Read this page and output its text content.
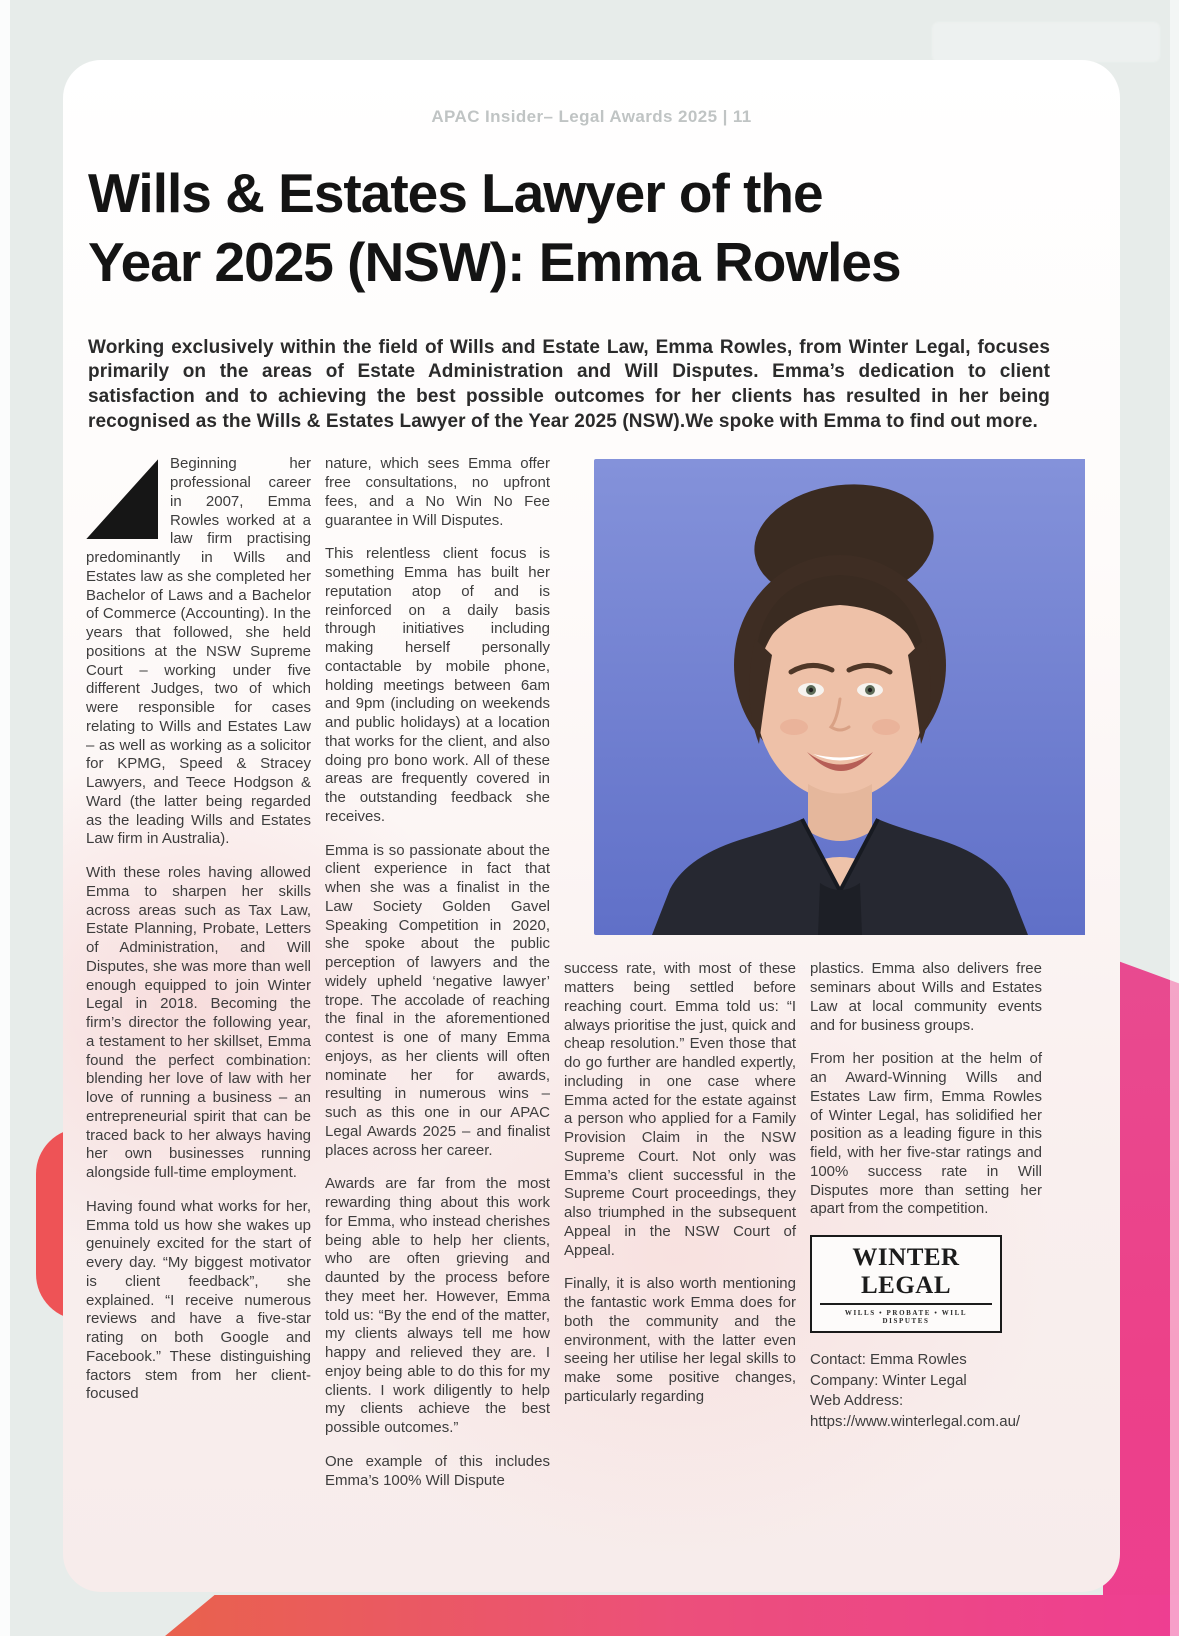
APAC Insider– Legal Awards 2025 | 11
Wills & Estates Lawyer of the Year 2025 (NSW): Emma Rowles

Working exclusively within the field of Wills and Estate Law, Emma Rowles, from Winter Legal, focuses primarily on the areas of Estate Administration and Will Disputes. Emma’s dedication to client satisfaction and to achieving the best possible outcomes for her clients has resulted in her being recognised as the Wills & Estates Lawyer of the Year 2025 (NSW).We spoke with Emma to find out more.

Beginning her professional career in 2007, Emma Rowles worked at a law firm practising predominantly in Wills and Estates law as she completed her Bachelor of Laws and a Bachelor of Commerce (Accounting). In the years that followed, she held positions at the NSW Supreme Court – working under five different Judges, two of which were responsible for cases relating to Wills and Estates Law – as well as working as a solicitor for KPMG, Speed & Stracey Lawyers, and Teece Hodgson & Ward (the latter being regarded as the leading Wills and Estates Law firm in Australia).

With these roles having allowed Emma to sharpen her skills across areas such as Tax Law, Estate Planning, Probate, Letters of Administration, and Will Disputes, she was more than well enough equipped to join Winter Legal in 2018. Becoming the firm’s director the following year, a testament to her skillset, Emma found the perfect combination: blending her love of law with her love of running a business – an entrepreneurial spirit that can be traced back to her always having her own businesses running alongside full-time employment.

Having found what works for her, Emma told us how she wakes up genuinely excited for the start of every day. “My biggest motivator is client feedback”, she explained. “I receive numerous reviews and have a five-star rating on both Google and Facebook.” These distinguishing factors stem from her client-focused

nature, which sees Emma offer free consultations, no upfront fees, and a No Win No Fee guarantee in Will Disputes.

This relentless client focus is something Emma has built her reputation atop of and is reinforced on a daily basis through initiatives including making herself personally contactable by mobile phone, holding meetings between 6am and 9pm (including on weekends and public holidays) at a location that works for the client, and also doing pro bono work. All of these areas are frequently covered in the outstanding feedback she receives.

Emma is so passionate about the client experience in fact that when she was a finalist in the Law Society Golden Gavel Speaking Competition in 2020, she spoke about the public perception of lawyers and the widely upheld ‘negative lawyer’ trope. The accolade of reaching the final in the aforementioned contest is one of many Emma enjoys, as her clients will often nominate her for awards, resulting in numerous wins – such as this one in our APAC Legal Awards 2025 – and finalist places across her career.

Awards are far from the most rewarding thing about this work for Emma, who instead cherishes being able to help her clients, who are often grieving and daunted by the process before they meet her. However, Emma told us: “By the end of the matter, my clients always tell me how happy and relieved they are. I enjoy being able to do this for my clients. I work diligently to help my clients achieve the best possible outcomes.”

One example of this includes Emma’s 100% Will Dispute

success rate, with most of these matters being settled before reaching court. Emma told us: “I always prioritise the just, quick and cheap resolution.” Even those that do go further are handled expertly, including in one case where Emma acted for the estate against a person who applied for a Family Provision Claim in the NSW Supreme Court. Not only was Emma’s client successful in the Supreme Court proceedings, they also triumphed in the subsequent Appeal in the NSW Court of Appeal.

Finally, it is also worth mentioning the fantastic work Emma does for both the community and the environment, with the latter even seeing her utilise her legal skills to make some positive changes, particularly regarding

plastics. Emma also delivers free seminars about Wills and Estates Law at local community events and for business groups.

From her position at the helm of an Award-Winning Wills and Estates Law firm, Emma Rowles of Winter Legal, has solidified her position as a leading figure in this field, with her five-star ratings and 100% success rate in Will Disputes more than setting her apart from the competition.

WINTER LEGAL
WILLS • PROBATE • WILL DISPUTES
Contact: Emma Rowles
Company: Winter Legal
Web Address: https://www.winterlegal.com.au/
